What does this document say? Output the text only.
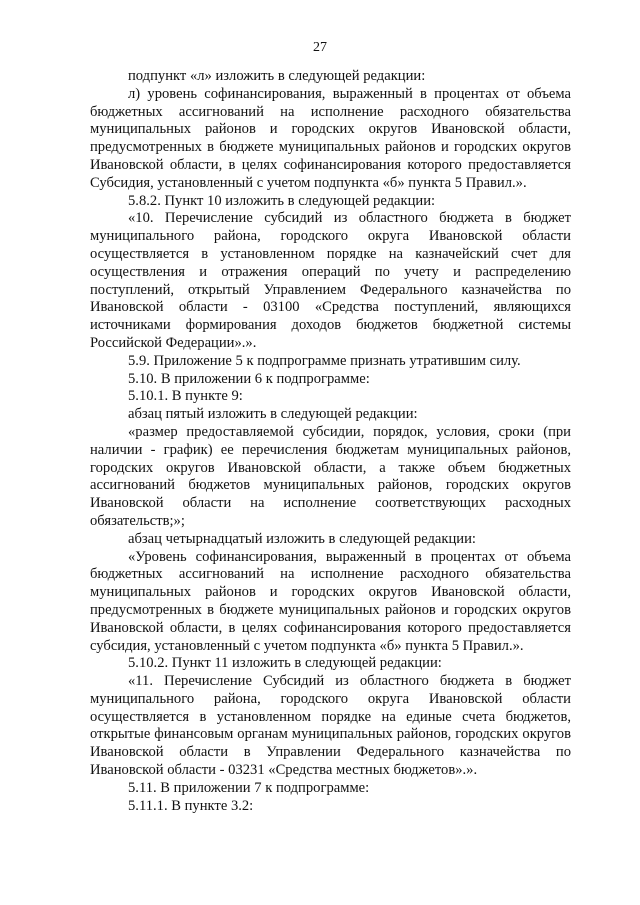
27

подпункт «л» изложить в следующей редакции:

л) уровень софинансирования, выраженный в процентах от объема бюджетных ассигнований на исполнение расходного обязательства муниципальных районов и городских округов Ивановской области, предусмотренных в бюджете муниципальных районов и городских округов Ивановской области, в целях софинансирования которого предоставляется Субсидия, установленный с учетом подпункта «б» пункта 5 Правил.».

5.8.2. Пункт 10 изложить в следующей редакции:

«10. Перечисление субсидий из областного бюджета в бюджет муниципального района, городского округа Ивановской области осуществляется в установленном порядке на казначейский счет для осуществления и отражения операций по учету и распределению поступлений, открытый Управлением Федерального казначейства по Ивановской области - 03100 «Средства поступлений, являющихся источниками формирования доходов бюджетов бюджетной системы Российской Федерации».».

5.9. Приложение 5 к подпрограмме признать утратившим силу.

5.10. В приложении 6 к подпрограмме:

5.10.1. В пункте 9:

абзац пятый изложить в следующей редакции:

«размер предоставляемой субсидии, порядок, условия, сроки (при наличии - график) ее перечисления бюджетам муниципальных районов, городских округов Ивановской области, а также объем бюджетных ассигнований бюджетов муниципальных районов, городских округов Ивановской области на исполнение соответствующих расходных обязательств;»;

абзац четырнадцатый изложить в следующей редакции:

«Уровень софинансирования, выраженный в процентах от объема бюджетных ассигнований на исполнение расходного обязательства муниципальных районов и городских округов Ивановской области, предусмотренных в бюджете муниципальных районов и городских округов Ивановской области, в целях софинансирования которого предоставляется субсидия, установленный с учетом подпункта «б» пункта 5 Правил.».

5.10.2. Пункт 11 изложить в следующей редакции:

«11. Перечисление Субсидий из областного бюджета в бюджет муниципального района, городского округа Ивановской области осуществляется в установленном порядке на единые счета бюджетов, открытые финансовым органам муниципальных районов, городских округов Ивановской области в Управлении Федерального казначейства по Ивановской области - 03231 «Средства местных бюджетов».».

5.11. В приложении 7 к подпрограмме:

5.11.1. В пункте 3.2:
